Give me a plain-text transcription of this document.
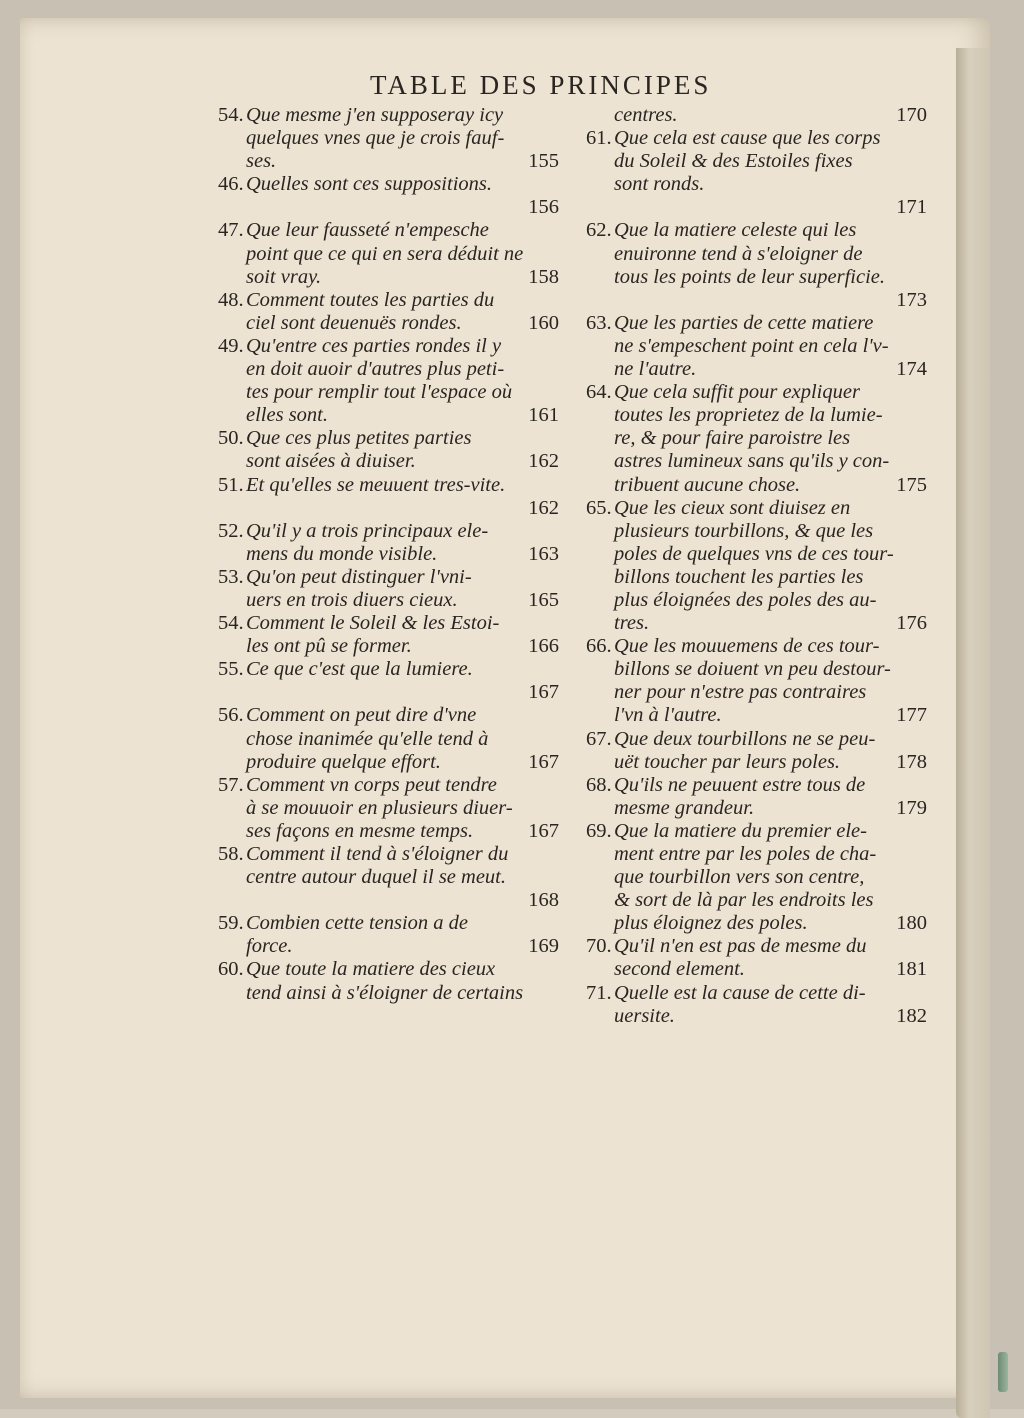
TABLE DES PRINCIPES
54. Que mesme j'en supposeray icy
quelques vnes que je crois fauf-
ses.	155
46. Quelles sont ces suppositions.
156
47. Que leur fausseté n'empesche
point que ce qui en sera déduit ne
soit vray.	158
48. Comment toutes les parties du
ciel sont deuenuës rondes.	160
49. Qu'entre ces parties rondes il y
en doit auoir d'autres plus peti-
tes pour remplir tout l'espace où
elles sont.	161
50. Que ces plus petites parties
sont aisées à diuiser.	162
51. Et qu'elles se meuuent tres-vite.
162
52. Qu'il y a trois principaux ele-
mens du monde visible.	163
53. Qu'on peut distinguer l'vni-
uers en trois diuers cieux.	165
54. Comment le Soleil & les Estoi-
les ont pû se former.	166
55. Ce que c'est que la lumiere.
167
56. Comment on peut dire d'vne
chose inanimée qu'elle tend à
produire quelque effort.	167
57. Comment vn corps peut tendre
à se mouuoir en plusieurs diuer-
ses façons en mesme temps.	167
58. Comment il tend à s'éloigner du
centre autour duquel il se meut.
168
59. Combien cette tension a de
force.	169
60. Que toute la matiere des cieux
tend ainsi à s'éloigner de certains
centres.	170
61. Que cela est cause que les corps
du Soleil & des Estoiles fixes
sont ronds.
171
62. Que la matiere celeste qui les
enuironne tend à s'eloigner de
tous les points de leur superficie.
173
63. Que les parties de cette matiere
ne s'empeschent point en cela l'v-
ne l'autre.	174
64. Que cela suffit pour expliquer
toutes les proprietez de la lumie-
re, & pour faire paroistre les
astres lumineux sans qu'ils y con-
tribuent aucune chose.	175
65. Que les cieux sont diuisez en
plusieurs tourbillons, & que les
poles de quelques vns de ces tour-
billons touchent les parties les
plus éloignées des poles des au-
tres.	176
66. Que les mouuemens de ces tour-
billons se doiuent vn peu destour-
ner pour n'estre pas contraires
l'vn à l'autre.	177
67. Que deux tourbillons ne se peu-
uët toucher par leurs poles.	178
68. Qu'ils ne peuuent estre tous de
mesme grandeur.	179
69. Que la matiere du premier ele-
ment entre par les poles de cha-
que tourbillon vers son centre,
& sort de là par les endroits les
plus éloignez des poles.	180
70. Qu'il n'en est pas de mesme du
second element.	181
71. Quelle est la cause de cette di-
uersite.	182
